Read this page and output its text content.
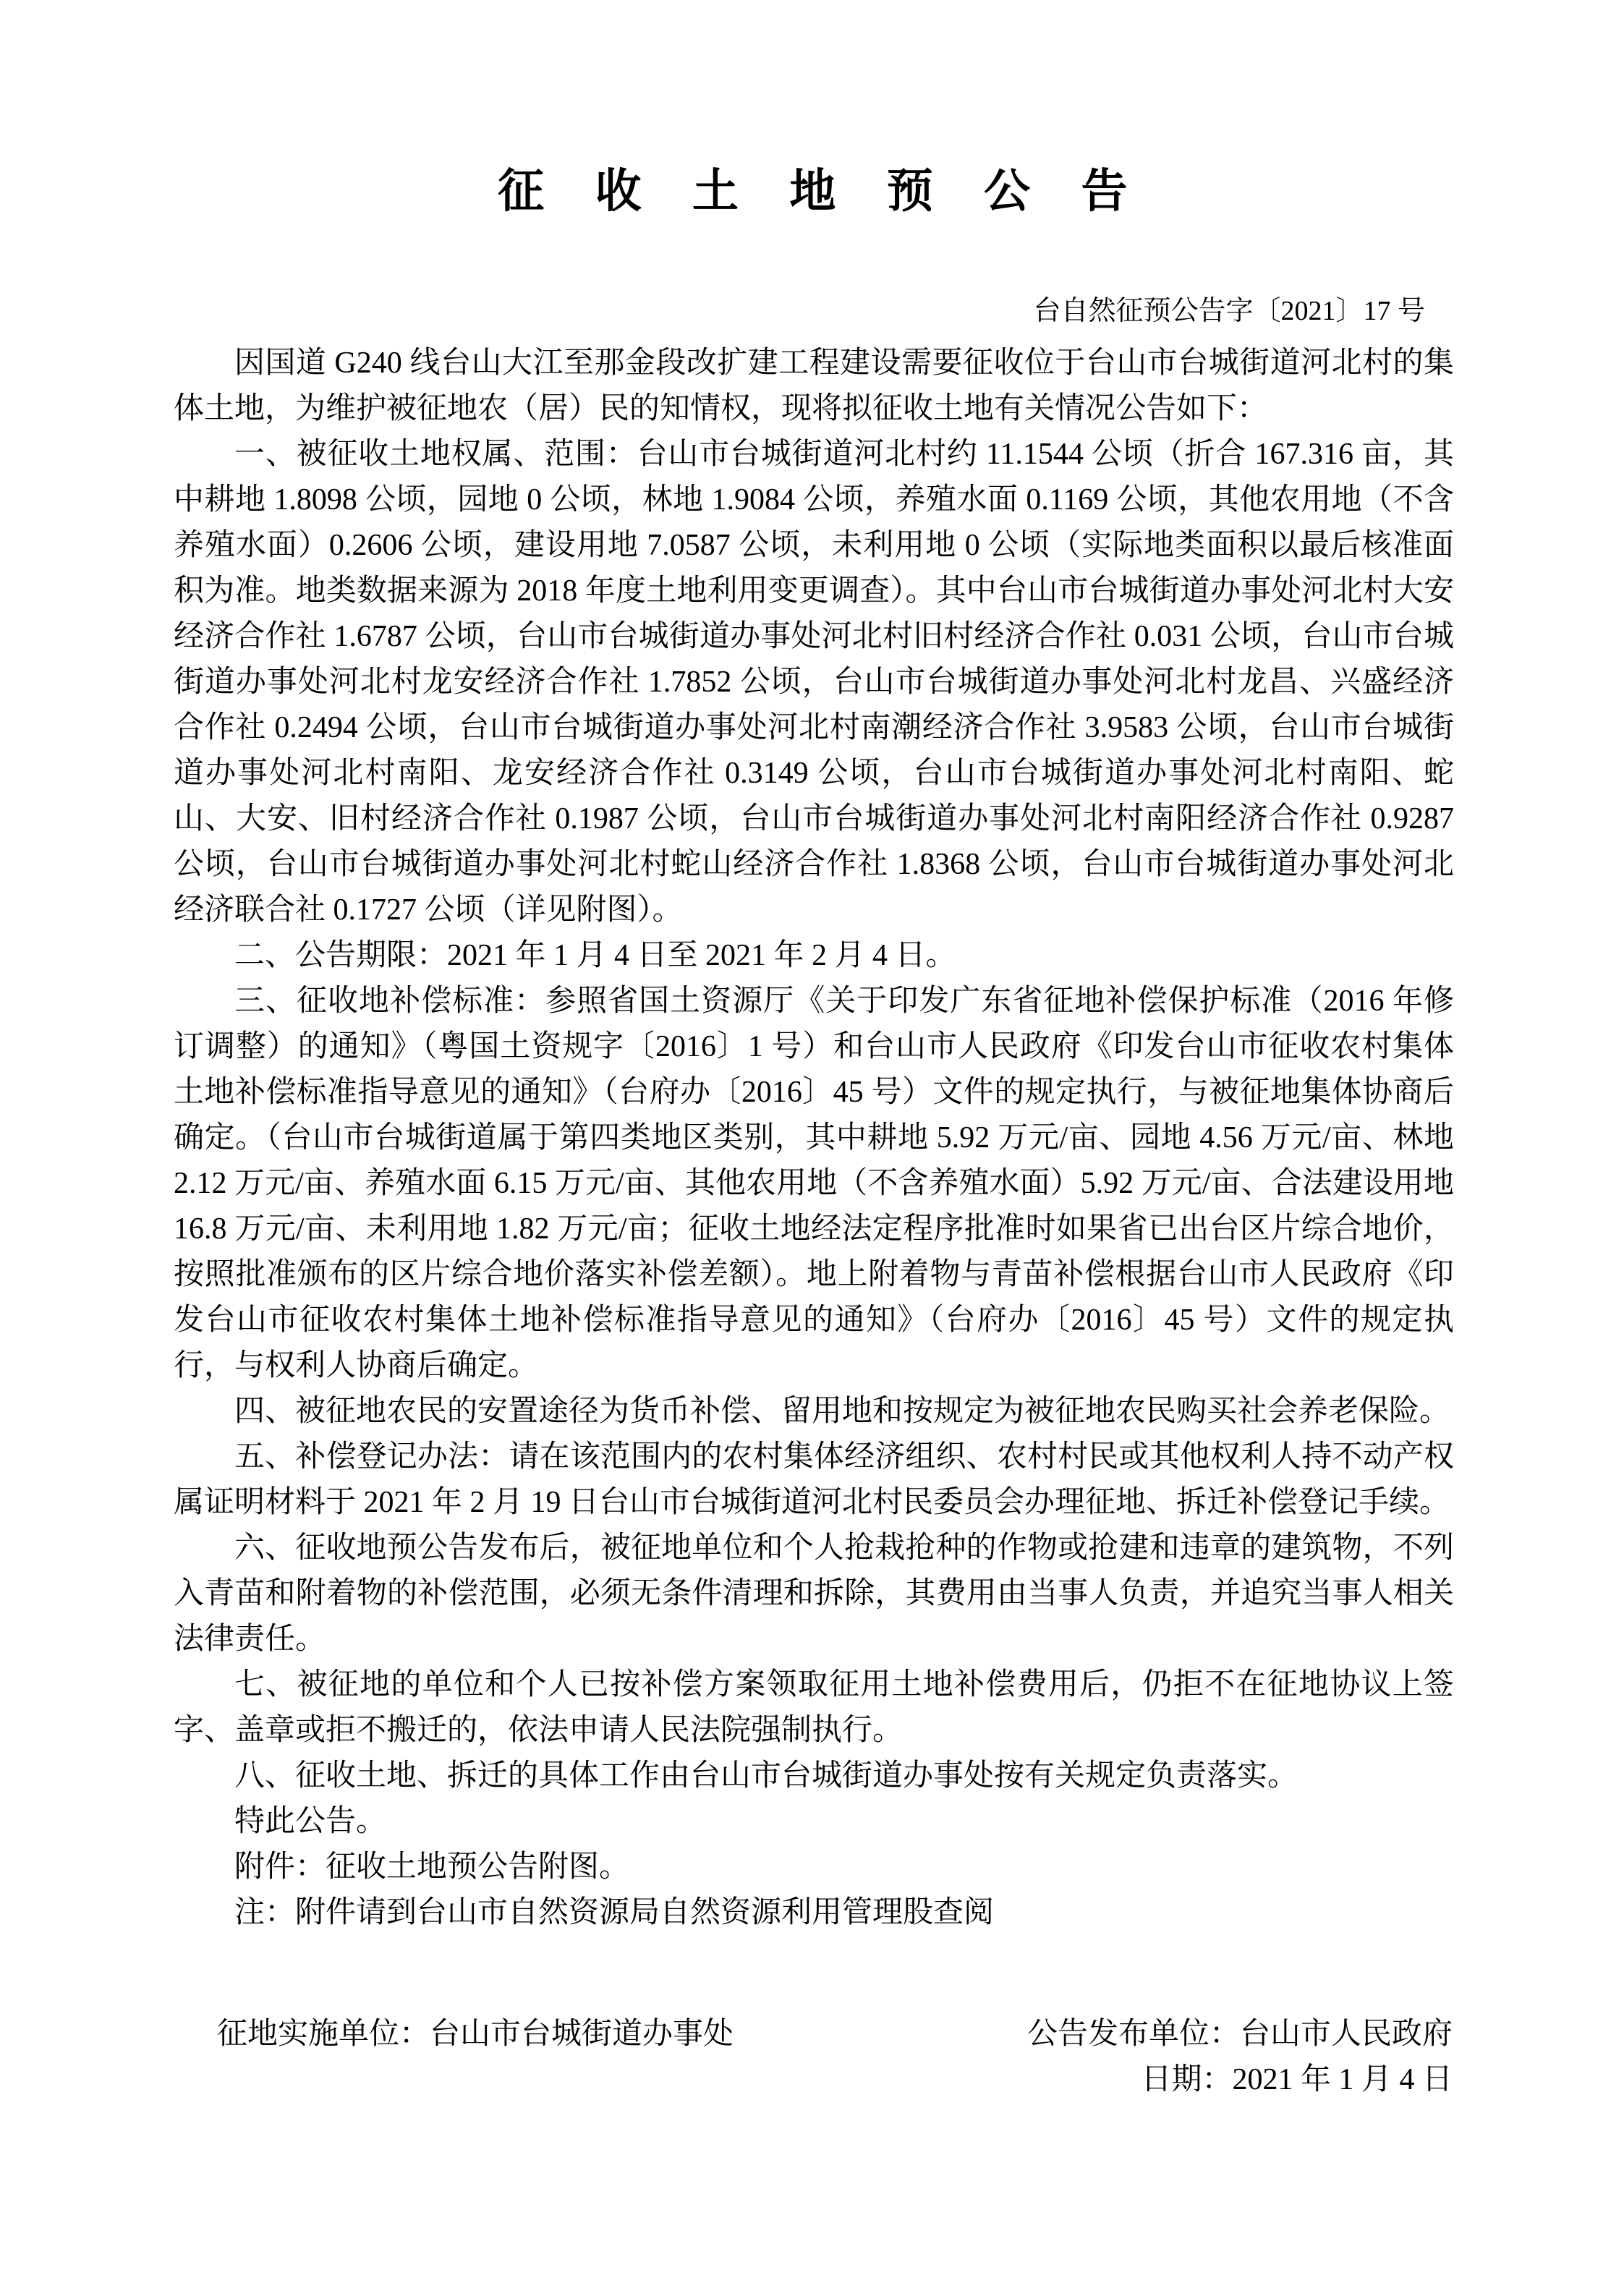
征　收　土　地　预　公　告
台自然征预公告字〔2021〕17 号

因国道 G240 线台山大江至那金段改扩建工程建设需要征收位于台山市台城街道河北村的集体土地，为维护被征地农（居）民的知情权，现将拟征收土地有关情况公告如下：

一、被征收土地权属、范围：台山市台城街道河北村约 11.1544 公顷（折合 167.316 亩，其中耕地 1.8098 公顷，园地 0 公顷，林地 1.9084 公顷，养殖水面 0.1169 公顷，其他农用地（不含养殖水面）0.2606 公顷，建设用地 7.0587 公顷，未利用地 0 公顷（实际地类面积以最后核准面积为准。地类数据来源为 2018 年度土地利用变更调查）。其中台山市台城街道办事处河北村大安经济合作社 1.6787 公顷，台山市台城街道办事处河北村旧村经济合作社 0.031 公顷，台山市台城街道办事处河北村龙安经济合作社 1.7852 公顷，台山市台城街道办事处河北村龙昌、兴盛经济合作社 0.2494 公顷，台山市台城街道办事处河北村南潮经济合作社 3.9583 公顷，台山市台城街道办事处河北村南阳、龙安经济合作社 0.3149 公顷，台山市台城街道办事处河北村南阳、蛇山、大安、旧村经济合作社 0.1987 公顷，台山市台城街道办事处河北村南阳经济合作社 0.9287 公顷，台山市台城街道办事处河北村蛇山经济合作社 1.8368 公顷，台山市台城街道办事处河北经济联合社 0.1727 公顷（详见附图）。

二、公告期限：2021 年 1 月 4 日至 2021 年 2 月 4 日。

三、征收地补偿标准：参照省国土资源厅《关于印发广东省征地补偿保护标准（2016 年修订调整）的通知》（粤国土资规字〔2016〕1 号）和台山市人民政府《印发台山市征收农村集体土地补偿标准指导意见的通知》（台府办〔2016〕45 号）文件的规定执行，与被征地集体协商后确定。（台山市台城街道属于第四类地区类别，其中耕地 5.92 万元/亩、园地 4.56 万元/亩、林地 2.12 万元/亩、养殖水面 6.15 万元/亩、其他农用地（不含养殖水面）5.92 万元/亩、合法建设用地 16.8 万元/亩、未利用地 1.82 万元/亩；征收土地经法定程序批准时如果省已出台区片综合地价，按照批准颁布的区片综合地价落实补偿差额）。地上附着物与青苗补偿根据台山市人民政府《印发台山市征收农村集体土地补偿标准指导意见的通知》（台府办〔2016〕45 号）文件的规定执行，与权利人协商后确定。

四、被征地农民的安置途径为货币补偿、留用地和按规定为被征地农民购买社会养老保险。

五、补偿登记办法：请在该范围内的农村集体经济组织、农村村民或其他权利人持不动产权属证明材料于 2021 年 2 月 19 日台山市台城街道河北村民委员会办理征地、拆迁补偿登记手续。

六、征收地预公告发布后，被征地单位和个人抢栽抢种的作物或抢建和违章的建筑物，不列入青苗和附着物的补偿范围，必须无条件清理和拆除，其费用由当事人负责，并追究当事人相关法律责任。

七、被征地的单位和个人已按补偿方案领取征用土地补偿费用后，仍拒不在征地协议上签字、盖章或拒不搬迁的，依法申请人民法院强制执行。

八、征收土地、拆迁的具体工作由台山市台城街道办事处按有关规定负责落实。

特此公告。

附件：征收土地预公告附图。

注：附件请到台山市自然资源局自然资源利用管理股查阅

征地实施单位：台山市台城街道办事处	公告发布单位：台山市人民政府
日期：2021 年 1 月 4 日
